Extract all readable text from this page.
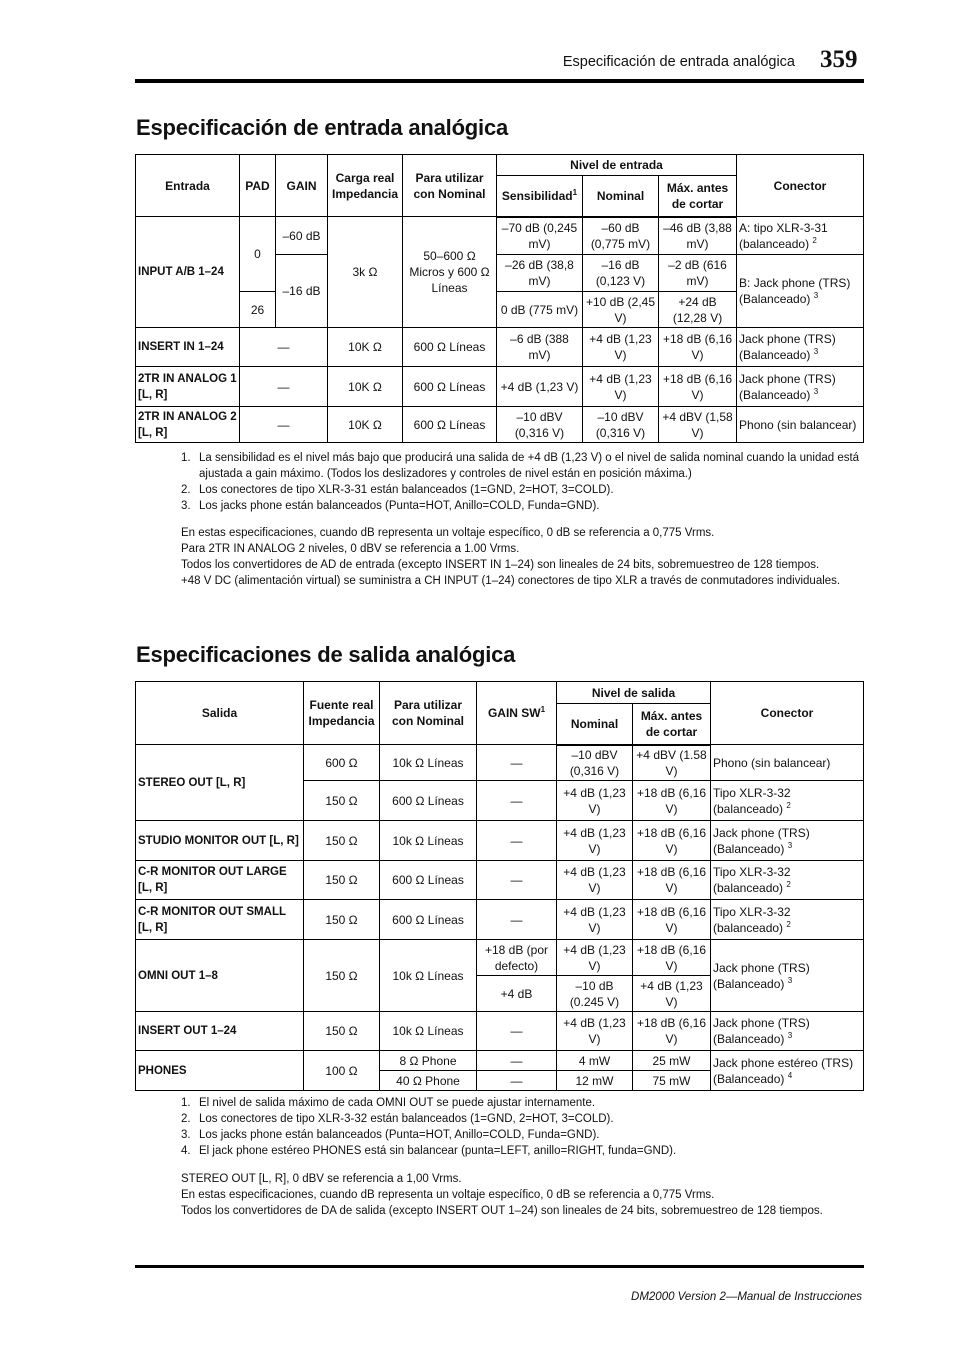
Especificación de entrada analógica 359
Especificación de entrada analógica
Entrada	PAD	GAIN	Carga real Impedancia	Para utilizar con Nominal	Nivel de entrada			Conector
					Sensibilidad$^1$	Nominal	Máx. antes de cortar	
INPUT A/B 1–24	0	–60 dB	3k Ω	50–600 Ω Micros y 600 Ω Líneas	–70 dB (0,245 mV)	–60 dB (0,775 mV)	–46 dB (3,88 mV)	A: tipo XLR-3-31 (balanceado) $^2$
		–16 dB			–26 dB (38,8 mV)	–16 dB (0,123 V)	–2 dB (616 mV)	B: Jack phone (TRS) (Balanceado) $^3$
	26				0 dB (775 mV)	+10 dB (2,45 V)	+24 dB (12,28 V)	
INSERT IN 1–24	—		10K Ω	600 Ω Líneas	–6 dB (388 mV)	+4 dB (1,23 V)	+18 dB (6,16 V)	Jack phone (TRS) (Balanceado) $^3$
2TR IN ANALOG 1 [L, R]	—		10K Ω	600 Ω Líneas	+4 dB (1,23 V)	+4 dB (1,23 V)	+18 dB (6,16 V)	Jack phone (TRS) (Balanceado) $^3$
2TR IN ANALOG 2 [L, R]	—		10K Ω	600 Ω Líneas	–10 dBV (0,316 V)	–10 dBV (0,316 V)	+4 dBV (1,58 V)	Phono (sin balancear)
1. La sensibilidad es el nivel más bajo que producirá una salida de +4 dB (1,23 V) o el nivel de salida nominal cuando la unidad está ajustada a gain máximo. (Todos los deslizadores y controles de nivel están en posición máxima.)
2. Los conectores de tipo XLR-3-31 están balanceados (1=GND, 2=HOT, 3=COLD).
3. Los jacks phone están balanceados (Punta=HOT, Anillo=COLD, Funda=GND).

En estas especificaciones, cuando dB representa un voltaje específico, 0 dB se referencia a 0,775 Vrms.

Para 2TR IN ANALOG 2 niveles, 0 dBV se referencia a 1.00 Vrms.

Todos los convertidores de AD de entrada (excepto INSERT IN 1–24) son lineales de 24 bits, sobremuestreo de 128 tiempos.

+48 V DC (alimentación virtual) se suministra a CH INPUT (1–24) conectores de tipo XLR a través de conmutadores individuales.

Especificaciones de salida analógica
Salida	Fuente real Impedancia	Para utilizar con Nominal	GAIN $SW^1$	Nivel de salida		Conector
				Nominal	Máx. antes de cortar	
STEREO OUT [L, R]	600 Ω	10k Ω Líneas	—	–10 dBV (0,316 V)	+4 dBV (1.58 V)	Phono (sin balancear)
	150 Ω	600 Ω Líneas	—	+4 dB (1,23 V)	+18 dB (6,16 V)	Tipo XLR-3-32 (balanceado) $^2$
STUDIO MONITOR OUT [L, R]	150 Ω	10k Ω Líneas	—	+4 dB (1,23 V)	+18 dB (6,16 V)	Jack phone (TRS) (Balanceado) $^3$
C-R MONITOR OUT LARGE [L, R]	150 Ω	600 Ω Líneas	—	+4 dB (1,23 V)	+18 dB (6,16 V)	Tipo XLR-3-32 (balanceado) $^2$
C-R MONITOR OUT SMALL [L, R]	150 Ω	600 Ω Líneas	—	+4 dB (1,23 V)	+18 dB (6,16 V)	Tipo XLR-3-32 (balanceado) $^2$
OMNI OUT 1–8	150 Ω	10k Ω Líneas	+18 dB (por defecto)	+4 dB (1,23 V)	+18 dB (6,16 V)	Jack phone (TRS) (Balanceado) $^3$
			+4 dB	–10 dB (0.245 V)	+4 dB (1,23 V)	
INSERT OUT 1–24	150 Ω	10k Ω Líneas	—	+4 dB (1,23 V)	+18 dB (6,16 V)	Jack phone (TRS) (Balanceado) $^3$
PHONES	100 Ω	8 Ω Phone	—	4 mW	25 mW	Jack phone estéreo (TRS) (Balanceado) $^4$
		40 Ω Phone	—	12 mW	75 mW	
1. El nivel de salida máximo de cada OMNI OUT se puede ajustar internamente.
2. Los conectores de tipo XLR-3-32 están balanceados (1=GND, 2=HOT, 3=COLD).
3. Los jacks phone están balanceados (Punta=HOT, Anillo=COLD, Funda=GND).
4. El jack phone estéreo PHONES está sin balancear (punta=LEFT, anillo=RIGHT, funda=GND).

STEREO OUT [L, R], 0 dBV se referencia a 1,00 Vrms.

En estas especificaciones, cuando dB representa un voltaje específico, 0 dB se referencia a 0,775 Vrms.

Todos los convertidores de DA de salida (excepto INSERT OUT 1–24) son lineales de 24 bits, sobremuestreo de 128 tiempos.

DM2000 Version 2—Manual de Instrucciones
